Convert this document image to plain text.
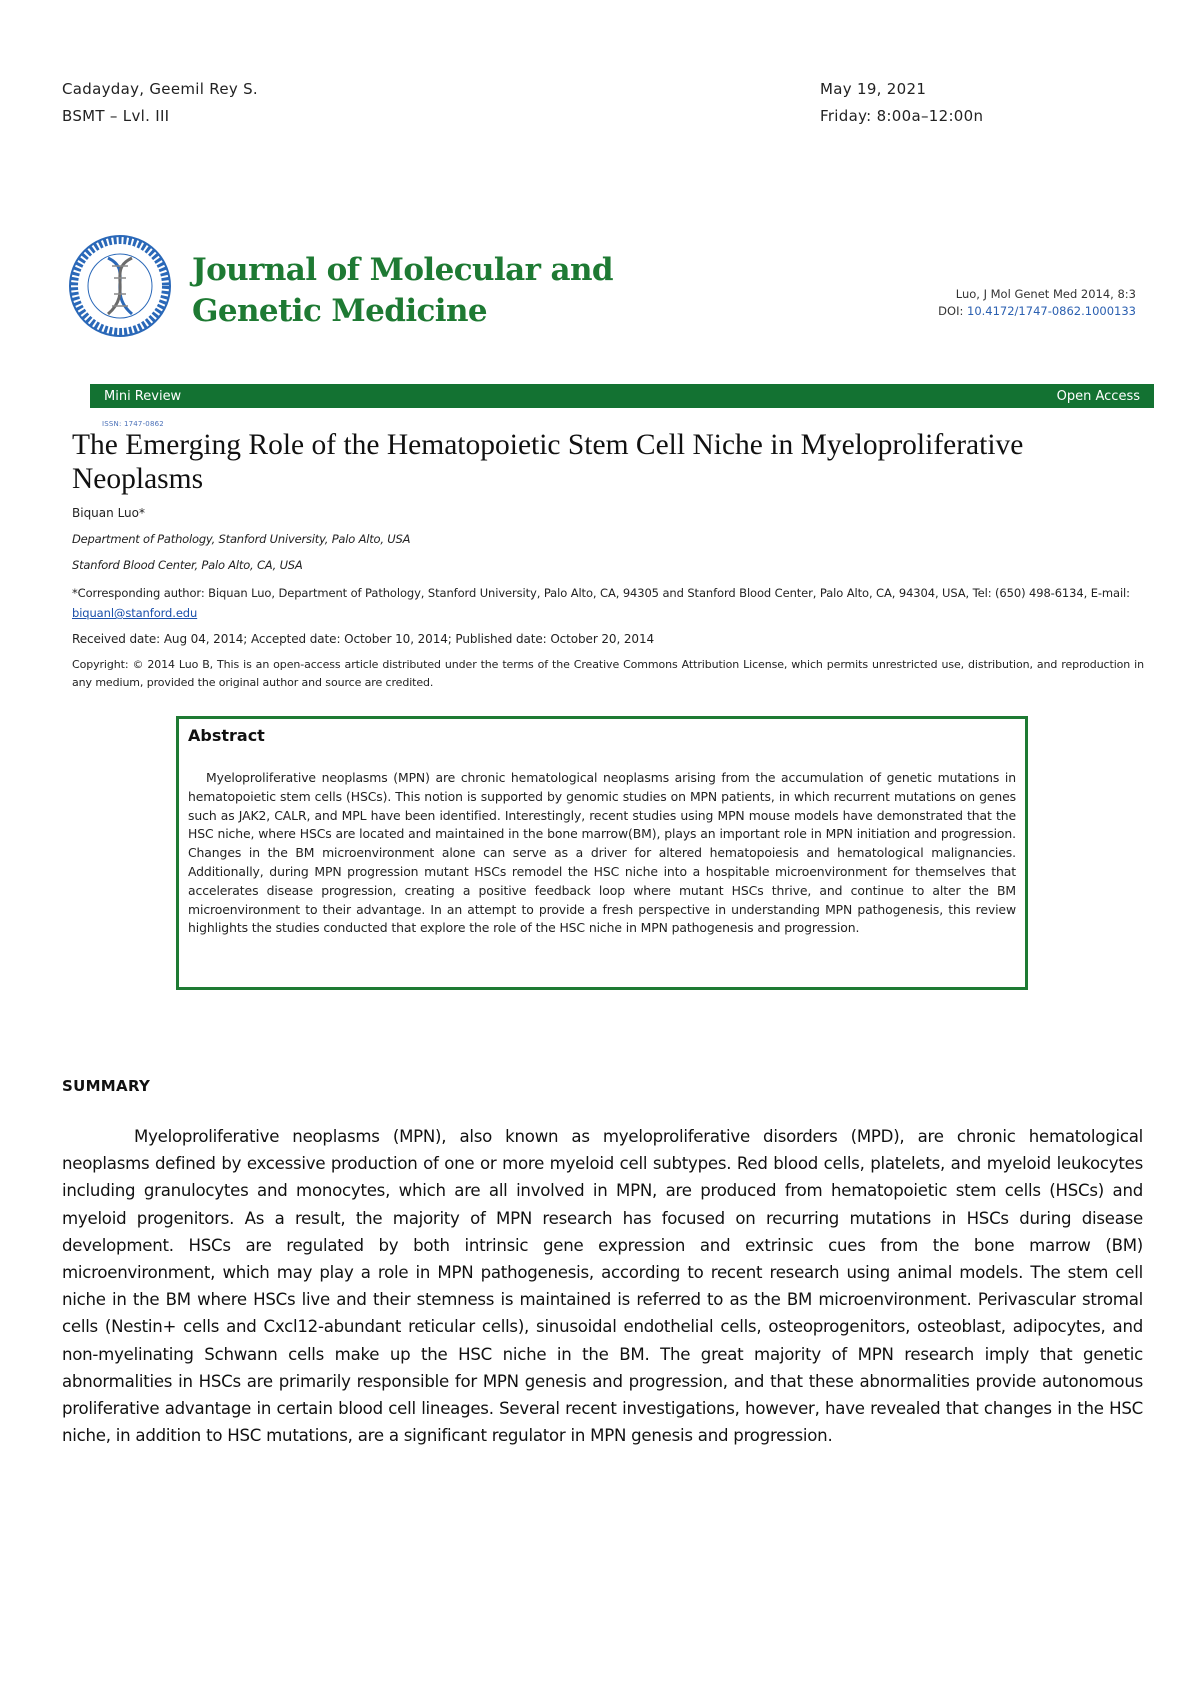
Cadayday, Geemil Rey S.
BSMT – Lvl. III
May 19, 2021
Friday: 8:00a–12:00n
Journal of Molecular and Genetic Medicine	Luo, J Mol Genet Med 2014, 8:3
DOI: 10.4172/1747-0862.1000133
Mini Review	Open Access
ISSN: 1747-0862
The Emerging Role of the Hematopoietic Stem Cell Niche in Myeloproliferative Neoplasms
Biquan Luo*
Department of Pathology, Stanford University, Palo Alto, USA
Stanford Blood Center, Palo Alto, CA, USA
*Corresponding author: Biquan Luo, Department of Pathology, Stanford University, Palo Alto, CA, 94305 and Stanford Blood Center, Palo Alto, CA, 94304, USA, Tel: (650) 498-6134, E-mail: biquanl@stanford.edu
Received date: Aug 04, 2014; Accepted date: October 10, 2014; Published date: October 20, 2014
Copyright: © 2014 Luo B, This is an open-access article distributed under the terms of the Creative Commons Attribution License, which permits unrestricted use, distribution, and reproduction in any medium, provided the original author and source are credited.
Abstract
Myeloproliferative neoplasms (MPN) are chronic hematological neoplasms arising from the accumulation of genetic mutations in hematopoietic stem cells (HSCs). This notion is supported by genomic studies on MPN patients, in which recurrent mutations on genes such as JAK2, CALR, and MPL have been identified. Interestingly, recent studies using MPN mouse models have demonstrated that the HSC niche, where HSCs are located and maintained in the bone marrow(BM), plays an important role in MPN initiation and progression. Changes in the BM microenvironment alone can serve as a driver for altered hematopoiesis and hematological malignancies. Additionally, during MPN progression mutant HSCs remodel the HSC niche into a hospitable microenvironment for themselves that accelerates disease progression, creating a positive feedback loop where mutant HSCs thrive, and continue to alter the BM microenvironment to their advantage. In an attempt to provide a fresh perspective in understanding MPN pathogenesis, this review highlights the studies conducted that explore the role of the HSC niche in MPN pathogenesis and progression.
SUMMARY
Myeloproliferative neoplasms (MPN), also known as myeloproliferative disorders (MPD), are chronic hematological neoplasms defined by excessive production of one or more myeloid cell subtypes. Red blood cells, platelets, and myeloid leukocytes including granulocytes and monocytes, which are all involved in MPN, are produced from hematopoietic stem cells (HSCs) and myeloid progenitors. As a result, the majority of MPN research has focused on recurring mutations in HSCs during disease development. HSCs are regulated by both intrinsic gene expression and extrinsic cues from the bone marrow (BM) microenvironment, which may play a role in MPN pathogenesis, according to recent research using animal models. The stem cell niche in the BM where HSCs live and their stemness is maintained is referred to as the BM microenvironment. Perivascular stromal cells (Nestin+ cells and Cxcl12-abundant reticular cells), sinusoidal endothelial cells, osteoprogenitors, osteoblast, adipocytes, and non-myelinating Schwann cells make up the HSC niche in the BM. The great majority of MPN research imply that genetic abnormalities in HSCs are primarily responsible for MPN genesis and progression, and that these abnormalities provide autonomous proliferative advantage in certain blood cell lineages. Several recent investigations, however, have revealed that changes in the HSC niche, in addition to HSC mutations, are a significant regulator in MPN genesis and progression.
